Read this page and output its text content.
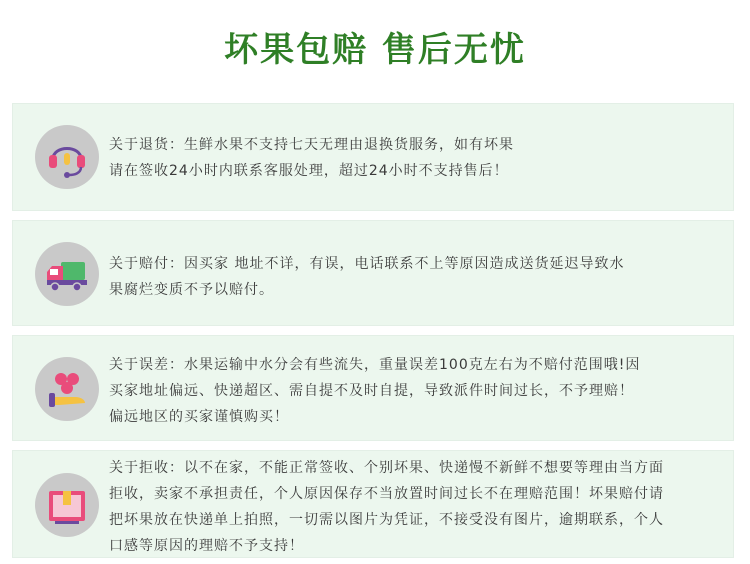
坏果包赔 售后无忧
关于退货：生鲜水果不支持七天无理由退换货服务，如有坏果
请在签收24小时内联系客服处理，超过24小时不支持售后！
关于赔付：因买家 地址不详，有误，电话联系不上等原因造成送货延迟导致水
果腐烂变质不予以赔付。
关于误差：水果运输中水分会有些流失，重量误差100克左右为不赔付范围哦!因
买家地址偏远、快递超区、需自提不及时自提，导致派件时间过长，不予理赔！
偏远地区的买家谨慎购买！
关于拒收：以不在家，不能正常签收、个别坏果、快递慢不新鲜不想要等理由当方面
拒收，卖家不承担责任，个人原因保存不当放置时间过长不在理赔范围！坏果赔付请
把坏果放在快递单上拍照，一切需以图片为凭证，不接受没有图片，逾期联系，个人
口感等原因的理赔不予支持！
